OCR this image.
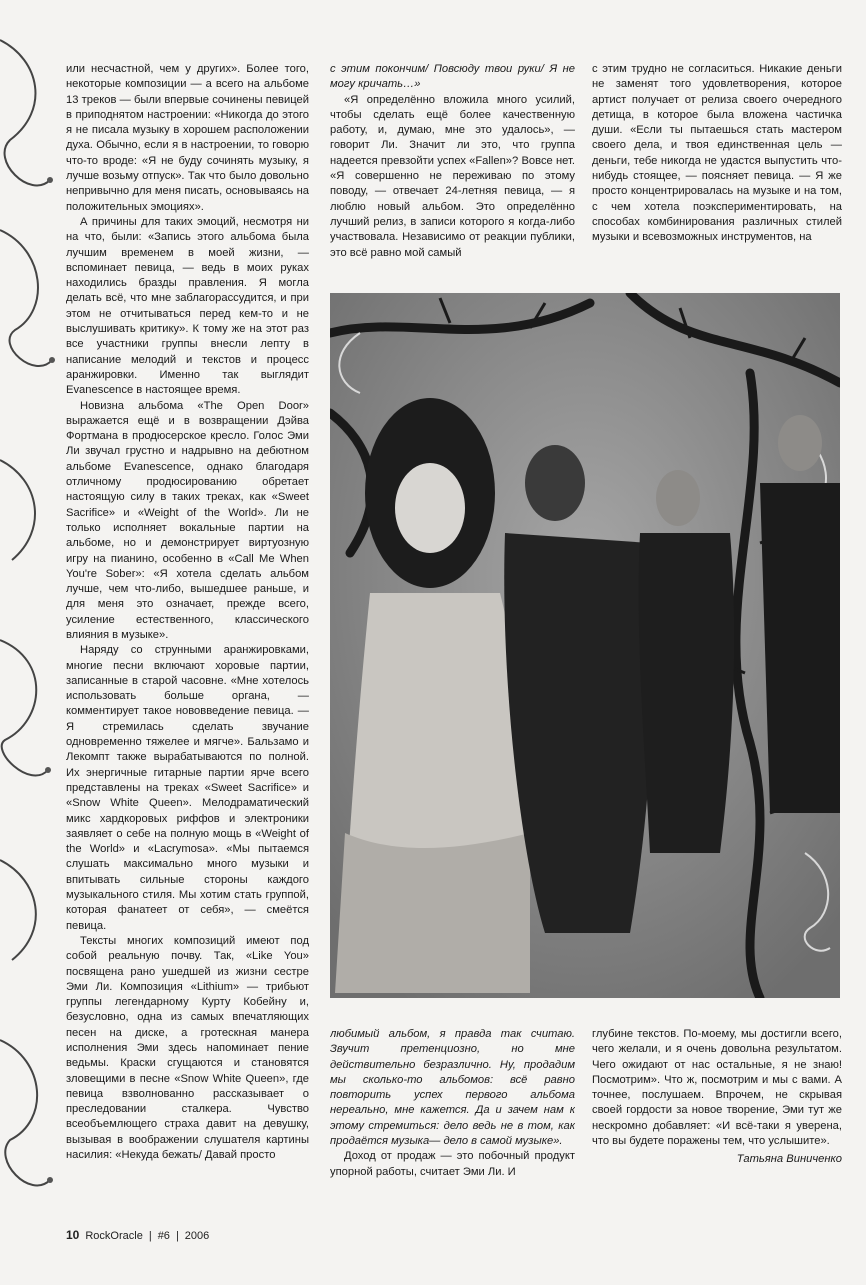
или несчастной, чем у других». Более того, некоторые композиции — а всего на альбоме 13 треков — были впервые сочинены певицей в приподнятом настроении: «Никогда до этого я не писала музыку в хорошем расположении духа. Обычно, если я в настроении, то говорю что-то вроде: «Я не буду сочинять музыку, я лучше возьму отпуск». Так что было довольно непривычно для меня писать, основываясь на положительных эмоциях».

А причины для таких эмоций, несмотря ни на что, были: «Запись этого альбома была лучшим временем в моей жизни, — вспоминает певица, — ведь в моих руках находились бразды правления. Я могла делать всё, что мне заблагорассудится, и при этом не отчитываться перед кем-то и не выслушивать критику». К тому же на этот раз все участники группы внесли лепту в написание мелодий и текстов и процесс аранжировки. Именно так выглядит Evanescence в настоящее время.

Новизна альбома «The Open Door» выражается ещё и в возвращении Дэйва Фортмана в продюсерское кресло. Голос Эми Ли звучал грустно и надрывно на дебютном альбоме Evanescence, однако благодаря отличному продюсированию обретает настоящую силу в таких треках, как «Sweet Sacrifice» и «Weight of the World». Ли не только исполняет вокальные партии на альбоме, но и демонстрирует виртуозную игру на пианино, особенно в «Call Me When You're Sober»: «Я хотела сделать альбом лучше, чем что-либо, вышедшее раньше, и для меня это означает, прежде всего, усиление естественного, классического влияния в музыке».

Наряду со струнными аранжировками, многие песни включают хоровые партии, записанные в старой часовне. «Мне хотелось использовать больше органа, — комментирует такое нововведение певица. — Я стремилась сделать звучание одновременно тяжелее и мягче». Бальзамо и Лекомпт также вырабатываются по полной. Их энергичные гитарные партии ярче всего представлены на треках «Sweet Sacrifice» и «Snow White Queen». Мелодраматический микс хардкоровых риффов и электроники заявляет о себе на полную мощь в «Weight of the World» и «Lacrymosa». «Мы пытаемся слушать максимально много музыки и впитывать сильные стороны каждого музыкального стиля. Мы хотим стать группой, которая фанатеет от себя», — смеётся певица.

Тексты многих композиций имеют под собой реальную почву. Так, «Like You» посвящена рано ушедшей из жизни сестре Эми Ли. Композиция «Lithium» — трибьют группы легендарному Курту Кобейну и, безусловно, одна из самых впечатляющих песен на диске, а гротескная манера исполнения Эми здесь напоминает пение ведьмы. Краски сгущаются и становятся зловещими в песне «Snow White Queen», где певица взволнованно рассказывает о преследовании сталкера. Чувство всеобъемлющего страха давит на девушку, вызывая в воображении слушателя картины насилия: «Некуда бежать/ Давай просто

с этим покончим/ Повсюду твои руки/ Я не могу кричать…»

«Я определённо вложила много усилий, чтобы сделать ещё более качественную работу, и, думаю, мне это удалось», — говорит Ли. Значит ли это, что группа надеется превзойти успех «Fallen»? Вовсе нет. «Я совершенно не переживаю по этому поводу, — отвечает 24-летняя певица, — я люблю новый альбом. Это определённо лучший релиз, в записи которого я когда-либо участвовала. Независимо от реакции публики, это всё равно мой самый

с этим трудно не согласиться. Никакие деньги не заменят того удовлетворения, которое артист получает от релиза своего очередного детища, в которое была вложена частичка души. «Если ты пытаешься стать мастером своего дела, и твоя единственная цель — деньги, тебе никогда не удастся выпустить что-нибудь стоящее, — поясняет певица. — Я же просто концентрировалась на музыке и на том, с чем хотела поэкспериментировать, на способах комбинирования различных стилей музыки и всевозможных инструментов, на

любимый альбом, я правда так считаю. Звучит претенциозно, но мне действительно безразлично. Ну, продадим мы сколько-то альбомов: всё равно повторить успех первого альбома нереально, мне кажется. Да и зачем нам к этому стремиться: дело ведь не в том, как продаётся музыка— дело в самой музыке».

Доход от продаж — это побочный продукт упорной работы, считает Эми Ли. И

глубине текстов. По-моему, мы достигли всего, чего желали, и я очень довольна результатом. Чего ожидают от нас остальные, я не знаю! Посмотрим». Что ж, посмотрим и мы с вами. А точнее, послушаем. Впрочем, не скрывая своей гордости за новое творение, Эми тут же нескромно добавляет: «И всё-таки я уверена, что вы будете поражены тем, что услышите».

Татьяна Виниченко

10 RockOracle | #6 | 2006
